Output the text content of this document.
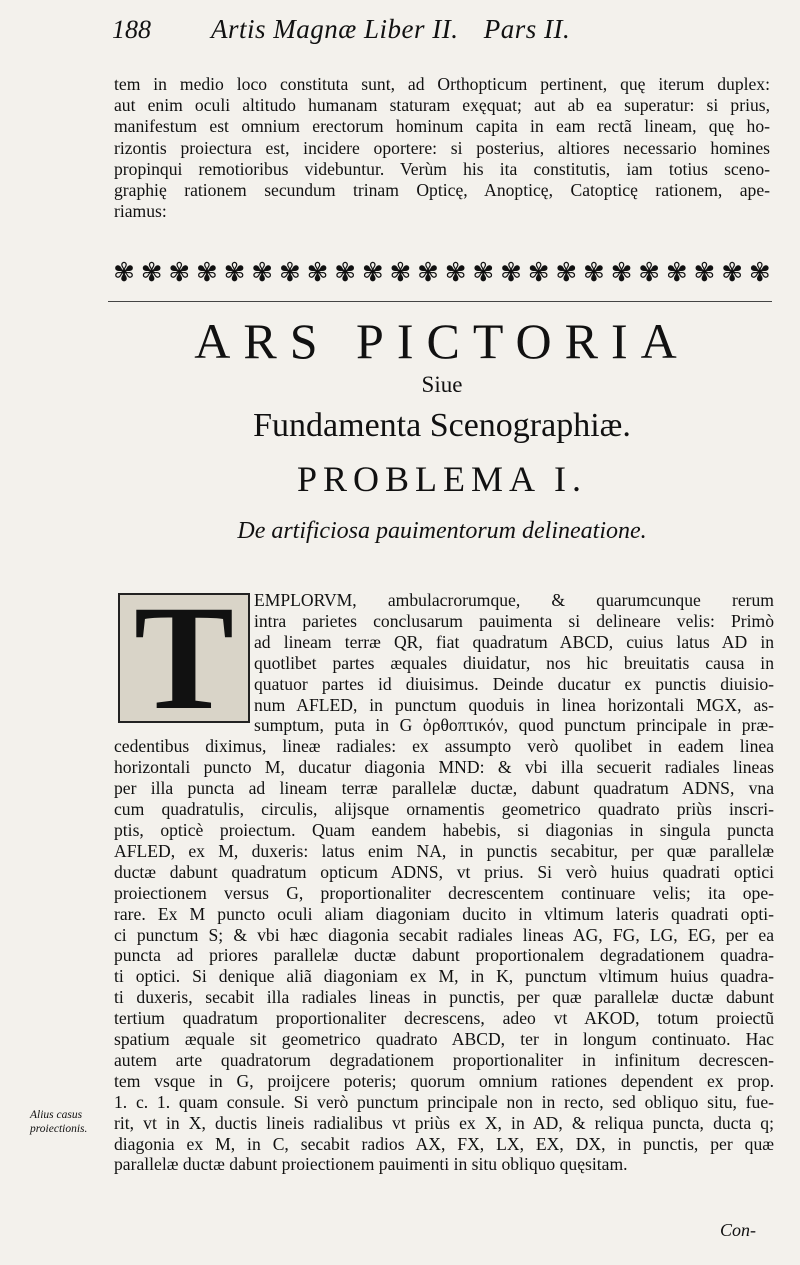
188 Artis Magnæ Liber II. Pars II.
tem in medio loco constituta sunt, ad Orthopticum pertinent, quę iterum duplex:
aut enim oculi altitudo humanam staturam exęquat; aut ab ea superatur: si prius,
manifestum est omnium erectorum hominum capita in eam rectã lineam, quę ho-
rizontis proiectura est, incidere oportere: si posterius, altiores necessario homines
propinqui remotioribus videbuntur. Verùm his ita constitutis, iam totius sceno-
graphię rationem secundum trinam Opticę, Anopticę, Catopticę rationem, ape-
riamus:
✾ ✾ ✾ ✾ ✾ ✾ ✾ ✾ ✾ ✾ ✾ ✾ ✾ ✾ ✾ ✾ ✾ ✾ ✾ ✾ ✾ ✾ ✾ ✾
ARS PICTORIA
Siue
Fundamenta Scenographiæ.
PROBLEMA I.
De artificiosa pauimentorum delineatione.
T	EMPLORVM, ambulacrorumque, & quarumcunque rerum
intra parietes conclusarum pauimenta si delineare velis: Primò
ad lineam terræ QR, fiat quadratum ABCD, cuius latus AD in
quotlibet partes æquales diuidatur, nos hic breuitatis causa in
quatuor partes id diuisimus. Deinde ducatur ex punctis diuisio-
num AFLED, in punctum quoduis in linea horizontali MGX, as-
sumptum, puta in G ὀρθοπτικόν, quod punctum principale in præ-
cedentibus diximus, lineæ radiales: ex assumpto verò quolibet in eadem linea
horizontali puncto M, ducatur diagonia MND: & vbi illa secuerit radiales lineas
per illa puncta ad lineam terræ parallelæ ductæ, dabunt quadratum ADNS, vna
cum quadratulis, circulis, alijsque ornamentis geometrico quadrato priùs inscri-
ptis, opticè proiectum. Quam eandem habebis, si diagonias in singula puncta
AFLED, ex M, duxeris: latus enim NA, in punctis secabitur, per quæ parallelæ
ductæ dabunt quadratum opticum ADNS, vt prius. Si verò huius quadrati optici
proiectionem versus G, proportionaliter decrescentem continuare velis; ita ope-
rare. Ex M puncto oculi aliam diagoniam ducito in vltimum lateris quadrati opti-
ci punctum S; & vbi hæc diagonia secabit radiales lineas AG, FG, LG, EG, per ea
puncta ad priores parallelæ ductæ dabunt proportionalem degradationem quadra-
ti optici. Si denique aliã diagoniam ex M, in K, punctum vltimum huius quadra-
ti duxeris, secabit illa radiales lineas in punctis, per quæ parallelæ ductæ dabunt
tertium quadratum proportionaliter decrescens, adeo vt AKOD, totum proiectũ
spatium æquale sit geometrico quadrato ABCD, ter in longum continuato. Hac
autem arte quadratorum degradationem proportionaliter in infinitum decrescen-
tem vsque in G, proijcere poteris; quorum omnium rationes dependent ex prop.
1. c. 1. quam consule. Si verò punctum principale non in recto, sed obliquo situ, fue-
rit, vt in X, ductis lineis radialibus vt priùs ex X, in AD, & reliqua puncta, ducta q;
diagonia ex M, in C, secabit radios AX, FX, LX, EX, DX, in punctis, per quæ
parallelæ ductæ dabunt proiectionem pauimenti in situ obliquo quęsitam.
Alius casus proiectionis.
Con-
